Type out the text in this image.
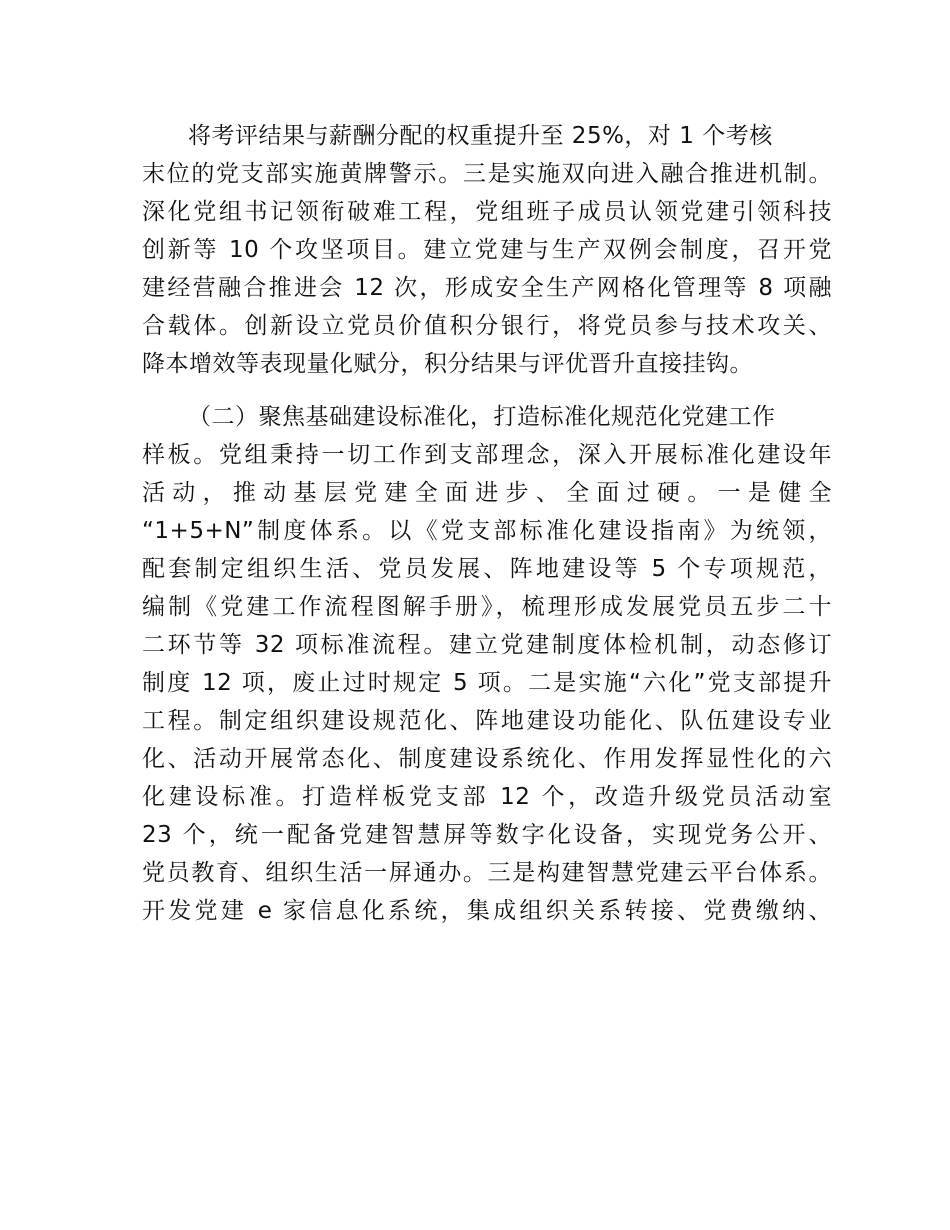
将考评结果与薪酬分配的权重提升至 25%，对 1 个考核
末位的党支部实施黄牌警示。三是实施双向进入融合推进机制。
深化党组书记领衔破难工程，党组班子成员认领党建引领科技
创新等 10 个攻坚项目。建立党建与生产双例会制度，召开党
建经营融合推进会 12 次，形成安全生产网格化管理等 8 项融
合载体。创新设立党员价值积分银行，将党员参与技术攻关、
降本增效等表现量化赋分，积分结果与评优晋升直接挂钩。
（二）聚焦基础建设标准化，打造标准化规范化党建工作
样板。党组秉持一切工作到支部理念，深入开展标准化建设年
活动，推动基层党建全面进步、全面过硬。一是健全
“1+5+N”制度体系。以《党支部标准化建设指南》为统领，
配套制定组织生活、党员发展、阵地建设等 5 个专项规范，
编制《党建工作流程图解手册》，梳理形成发展党员五步二十
二环节等 32 项标准流程。建立党建制度体检机制，动态修订
制度 12 项，废止过时规定 5 项。二是实施“六化”党支部提升
工程。制定组织建设规范化、阵地建设功能化、队伍建设专业
化、活动开展常态化、制度建设系统化、作用发挥显性化的六
化建设标准。打造样板党支部 12 个，改造升级党员活动室
23 个，统一配备党建智慧屏等数字化设备，实现党务公开、
党员教育、组织生活一屏通办。三是构建智慧党建云平台体系。
开发党建 e 家信息化系统，集成组织关系转接、党费缴纳、
